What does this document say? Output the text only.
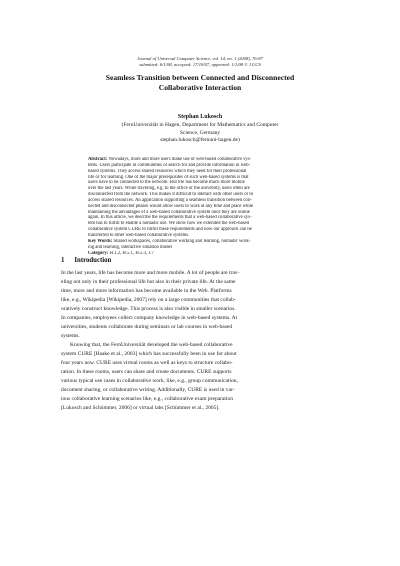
Journal of Universal Computer Science, vol. 14, no. 1 (2008), 76-87
submitted: 6/1/08, accepted: 17/10/07, appeared: 1/1/08 © J.UCS
Seamless Transition between Connected and Disconnected
Collaborative Interaction
Stephan Lukosch
(FernUniversität in Hagen, Department for Mathematics and Computer
Science, Germany
stephan.lukosch@fernuni-hagen.de)
Abstract: Nowadays, more and more users make use of web-based collaborative sys-
tems. Users participate in communities or search for and provide information in web-
based systems. They access shared resources which they need for their professional
life or for learning. One of the major prerequisites of such web-based systems is that
users have to be connected to the network. But life has become much more mobile
over the last years. While traveling, e.g. to the office or the university, users often are
disconnected from the network. This makes it difficult to interact with other users or to
access shared resources. An application supporting a seamless transition between con-
nected and disconnected phases would allow users to work at any time and place while
maintaining the advantages of a web-based collaborative system once they are online
again. In this article, we describe the requirements that a web-based collaborative sys-
tem has to fulfill to enable a nomadic use. We show how we extended the web-based
collaborative system CURE to fulfill these requirements and how our approach can be
transferred to other web-based collaborative systems.
Key Words: Shared workspaces, collaborative working and learning, nomadic work-
ing and learning, interactive situation model
Category: H.1.2, H.5.1, H.5.3, J.7
1 Introduction
In the last years, life has become more and more mobile. A lot of people are trav-
eling not only in their professional life but also in their private life. At the same
time, more and more information has become available in the Web. Platforms
like, e.g., Wikipedia [Wikipedia, 2007] rely on a large communities that collab-
oratively construct knowledge. This process is also visible in smaller scenarios.
In companies, employees collect company knowledge in web-based systems. At
universities, students collaborate during seminars or lab courses in web-based
systems.
Knowing that, the FernUniversität developed the web-based collaborative
system CURE [Haake et al., 2003] which has successfully been in use for about
four years now. CURE uses virtual rooms as well as keys to structure collabo-
ration. In these rooms, users can share and create documents. CURE supports
various typical use cases in collaborative work, like, e.g., group communication,
document sharing, or collaborative writing. Additionally, CURE is used in var-
ious collaborative learning scenarios like, e.g., collaborative exam preparation
[Lukosch and Schümmer, 2006] or virtual labs [Schümmer et al., 2005].
